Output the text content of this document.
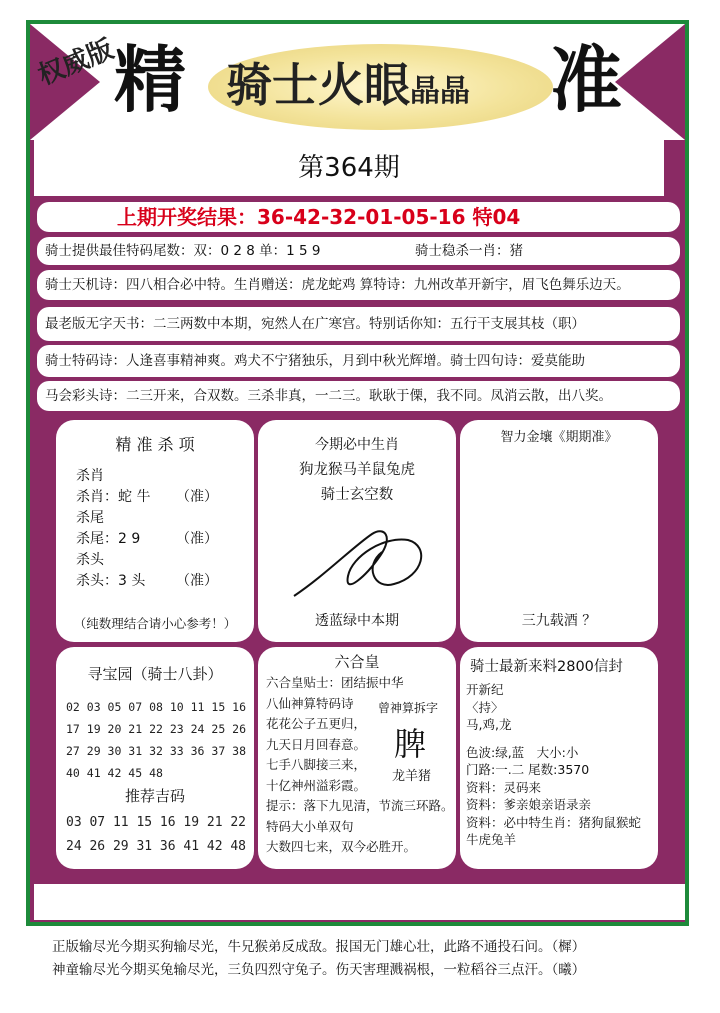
权威版
精 骑士火眼晶晶 准
第364期
上期开奖结果：36-42-32-01-05-16 特04
骑士提供最佳特码尾数：双：0 2 8 单：1 5 9	骑士稳杀一肖：猪
骑士天机诗：四八相合必中特。生肖赠送：虎龙蛇鸡 算特诗：九州改革开新宇，眉飞色舞乐边天。
最老版无字天书：二三两数中本期，宛然人在广寒宫。特别话你知：五行干支展其枝（职）
骑士特码诗：人逢喜事精神爽。鸡犬不宁猪独乐，月到中秋光辉增。骑士四句诗：爱莫能助
马会彩头诗：二三开来，合双数。三杀非真，一二三。耿耿于傈，我不同。凤消云散，出八奖。
精 准 杀 项
杀肖
杀肖：蛇 牛
杀尾
杀尾：2 9
杀头
杀头：3 头
（准）
（准）
（准）
（纯数理结合请小心参考！）
今期必中生肖
狗龙猴马羊鼠兔虎
骑士玄空数
透蓝绿中本期
智力金壤《期期准》
三九载酒 ？
寻宝园（骑士八卦）
02 03 05 07 08 10 11 15 16
17 19 20 21 22 23 24 25 26
27 29 30 31 32 33 36 37 38
40 41 42 45 48
推荐吉码
03 07 11 15 16 19 21 22
24 26 29 31 36 41 42 48
六合皇
六合皇贴士：团结振中华
八仙神算特码诗
花花公子五更归，
九天日月回春意。
七手八脚接三来，
十亿神州溢彩霞。
提示：落下九见清，节流三环路。
特码大小单双句
大数四七来，双今必胜开。
曾神算拆字
脾
龙羊猪
骑士最新来料2800信封
开新纪
〈持〉
马,鸡,龙
色波:绿,蓝　大小:小
门路:一.二 尾数:3570
资料：灵码来
资料：爹亲娘亲语录亲
资料：必中特生肖：猪狗鼠猴蛇
牛虎兔羊
正版输尽光今期买狗输尽光，牛兄猴弟反成敌。报国无门雄心壮，此路不通投石问。（樨）
神童输尽光今期买兔输尽光，三负四烈守兔子。伤天害理溅祸根，一粒稻谷三点汗。（曦）
